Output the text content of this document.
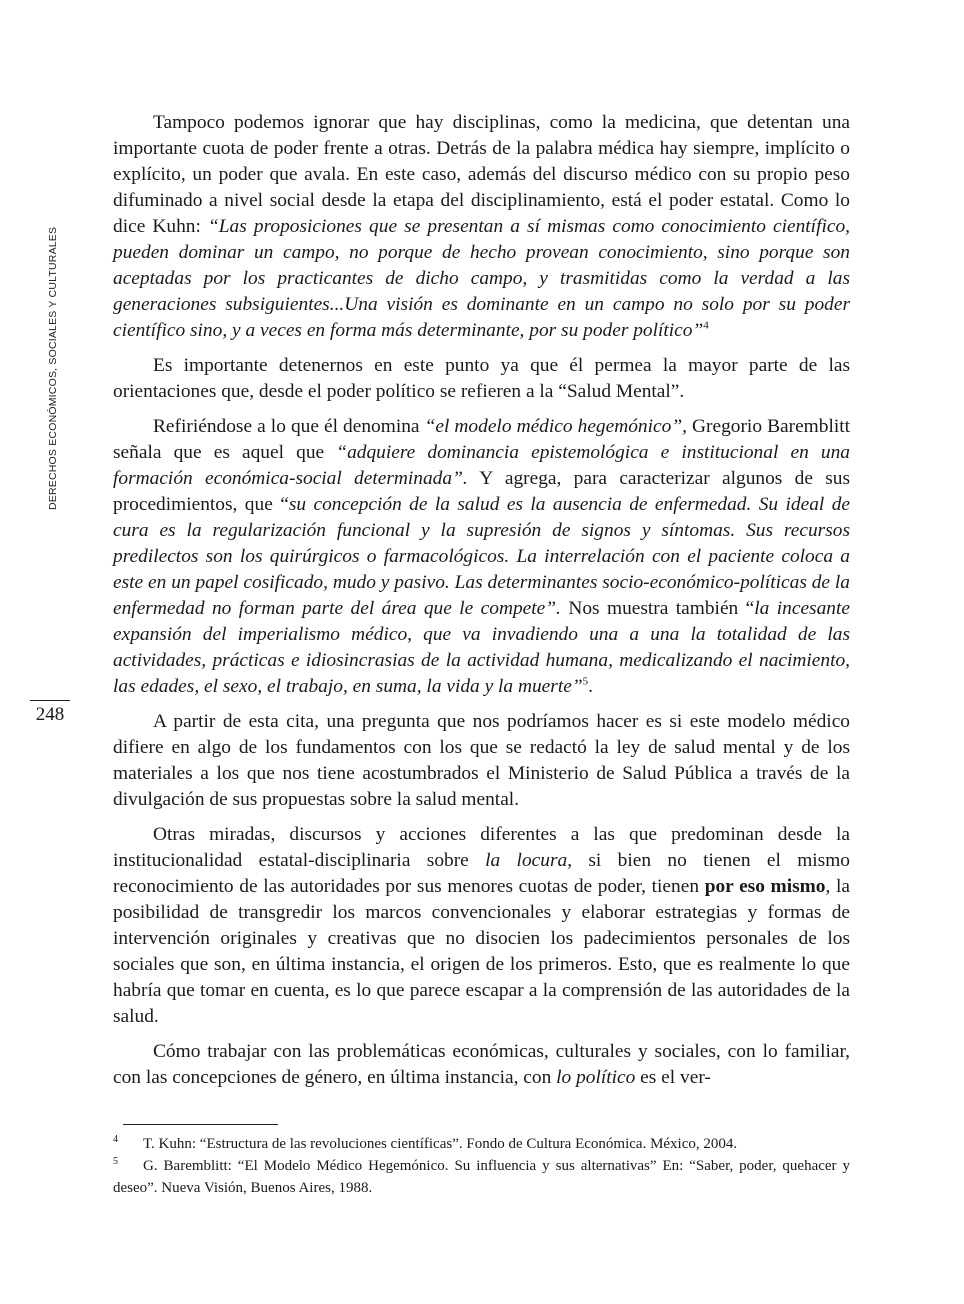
DERECHOS ECONÓMICOS, SOCIALES Y CULTURALES
248

Tampoco podemos ignorar que hay disciplinas, como la medicina, que detentan una importante cuota de poder frente a otras. Detrás de la palabra médica hay siempre, implícito o explícito, un poder que avala. En este caso, además del discurso médico con su propio peso difuminado a nivel social desde la etapa del disciplinamiento, está el poder estatal. Como lo dice Kuhn: “Las proposiciones que se presentan a sí mismas como conocimiento científico, pueden dominar un campo, no porque de hecho provean conocimiento, sino porque son aceptadas por los practicantes de dicho campo, y trasmitidas como la verdad a las generaciones subsiguientes...Una visión es dominante en un campo no solo por su poder científico sino, y a veces en forma más determinante, por su poder político”$^4$

Es importante detenernos en este punto ya que él permea la mayor parte de las orientaciones que, desde el poder político se refieren a la “Salud Mental”.

Refiriéndose a lo que él denomina “el modelo médico hegemónico”, Gregorio Baremblitt señala que es aquel que “adquiere dominancia epistemológica e institucional en una formación económica-social determinada”. Y agrega, para caracterizar algunos de sus procedimientos, que “su concepción de la salud es la ausencia de enfermedad. Su ideal de cura es la regularización funcional y la supresión de signos y síntomas. Sus recursos predilectos son los quirúrgicos o farmacológicos. La interrelación con el paciente coloca a este en un papel cosificado, mudo y pasivo. Las determinantes socio-económico-políticas de la enfermedad no forman parte del área que le compete”. Nos muestra también “la incesante expansión del imperialismo médico, que va invadiendo una a una la totalidad de las actividades, prácticas e idiosincrasias de la actividad humana, medicalizando el nacimiento, las edades, el sexo, el trabajo, en suma, la vida y la muerte”$^5$.

A partir de esta cita, una pregunta que nos podríamos hacer es si este modelo médico difiere en algo de los fundamentos con los que se redactó la ley de salud mental y de los materiales a los que nos tiene acostumbrados el Ministerio de Salud Pública a través de la divulgación de sus propuestas sobre la salud mental.

Otras miradas, discursos y acciones diferentes a las que predominan desde la institucionalidad estatal-disciplinaria sobre la locura, si bien no tienen el mismo reconocimiento de las autoridades por sus menores cuotas de poder, tienen por eso mismo, la posibilidad de transgredir los marcos convencionales y elaborar estrategias y formas de intervención originales y creativas que no disocien los padecimientos personales de los sociales que son, en última instancia, el origen de los primeros. Esto, que es realmente lo que habría que tomar en cuenta, es lo que parece escapar a la comprensión de las autoridades de la salud.

Cómo trabajar con las problemáticas económicas, culturales y sociales, con lo familiar, con las concepciones de género, en última instancia, con lo político es el ver-

4 T. Kuhn: “Estructura de las revoluciones científicas”. Fondo de Cultura Económica. México, 2004.

5 G. Baremblitt: “El Modelo Médico Hegemónico. Su influencia y sus alternativas” En: “Saber, poder, quehacer y deseo”. Nueva Visión, Buenos Aires, 1988.
